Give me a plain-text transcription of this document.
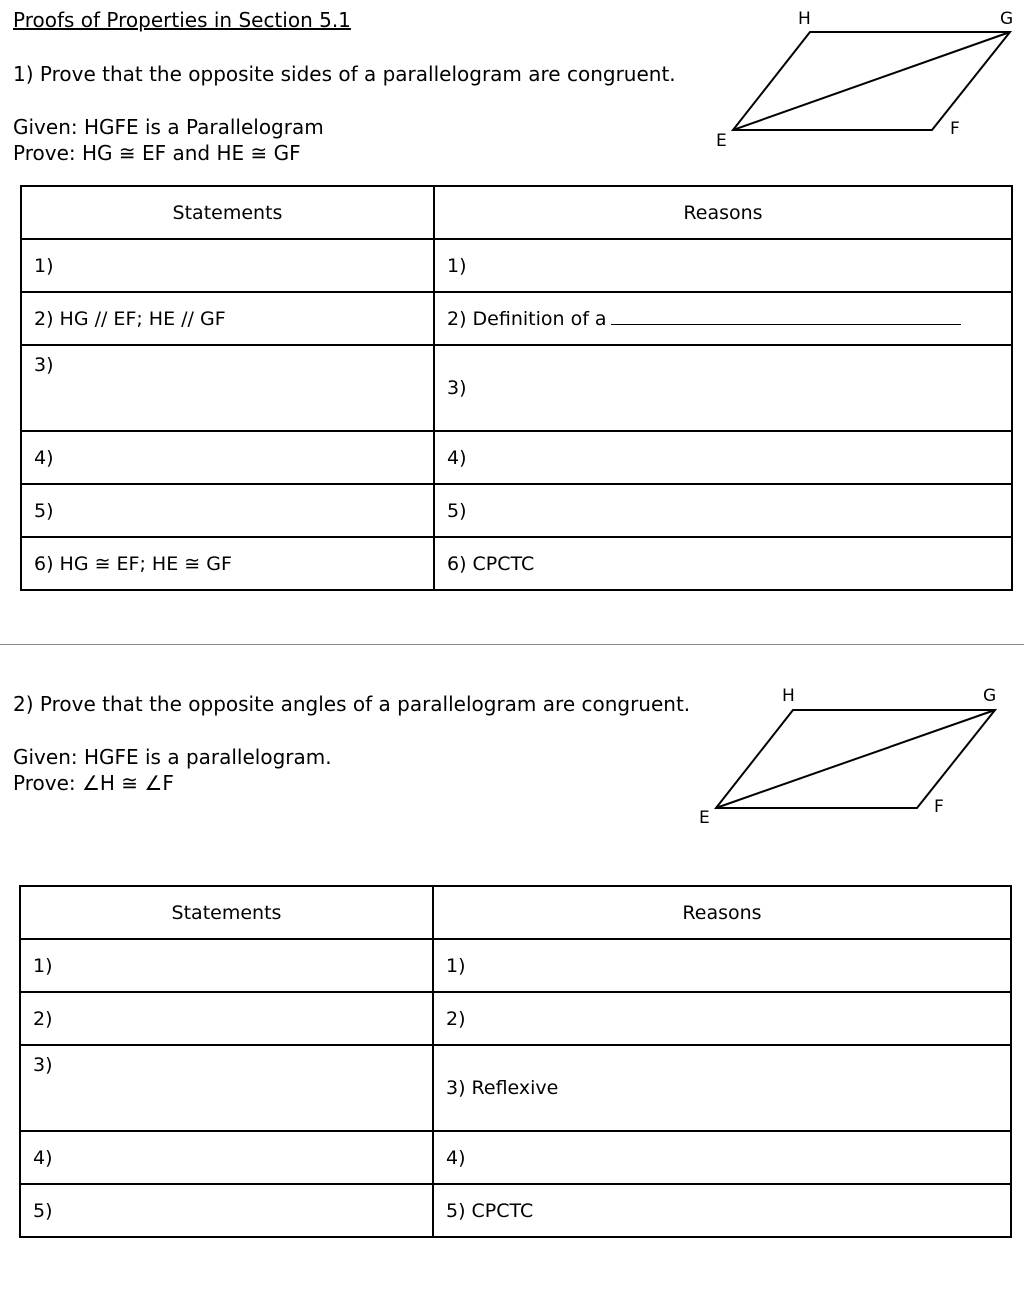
Proofs of Properties in Section 5.1
1) Prove that the opposite sides of a parallelogram are congruent.
Given: HGFE is a Parallelogram
Prove: HG ≅ EF and HE ≅ GF
H	G
F
E
Statements	Reasons
1)	1)
2) HG // EF; HE // GF	2) Definition of a
3)	3)
4)	4)
5)	5)
6) HG ≅ EF; HE ≅ GF	6) CPCTC
2) Prove that the opposite angles of a parallelogram are congruent.
Given: HGFE is a parallelogram.
Prove: ∠H ≅ ∠F
H	G
F
E
Statements	Reasons
1)	1)
2)	2)
3)	3) Reflexive
4)	4)
5)	5) CPCTC
